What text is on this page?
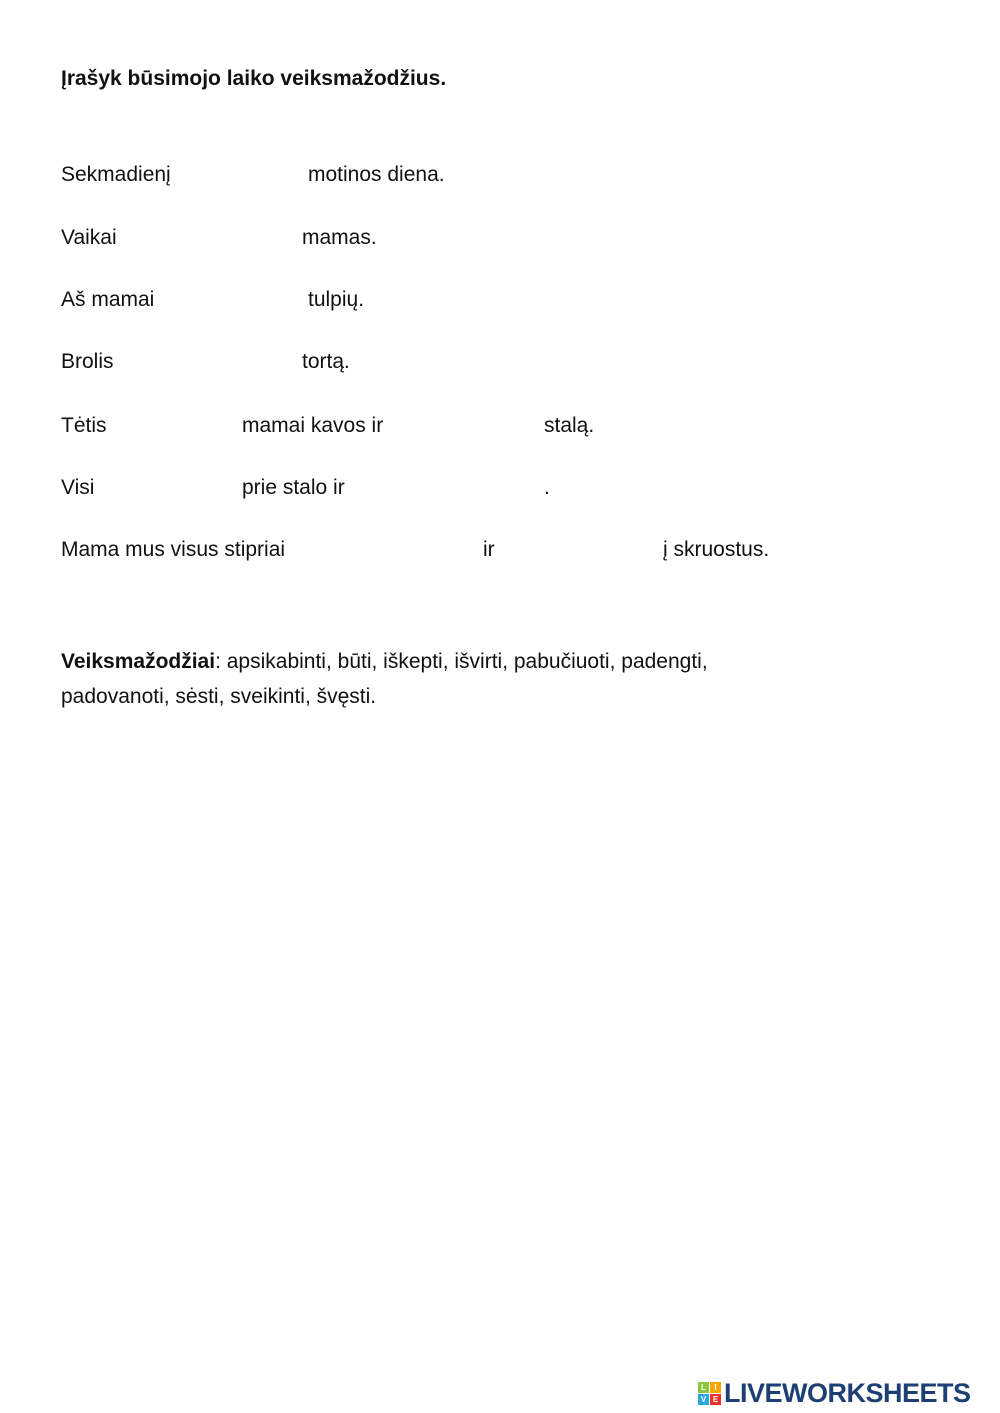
Įrašyk būsimojo laiko veiksmažodžius.
Sekmadienį	motinos diena.
Vaikai	mamas.
Aš mamai	tulpių.
Brolis	tortą.
Tėtis	mamai kavos ir	stalą.
Visi	prie stalo ir	.
Mama mus visus stipriai	ir	į skruostus.
Veiksmažodžiai: apsikabinti, būti, iškepti, išvirti, pabučiuoti, padengti,
padovanoti, sėsti, sveikinti, švęsti.
L	I
V E LIVEWORKSHEETS
